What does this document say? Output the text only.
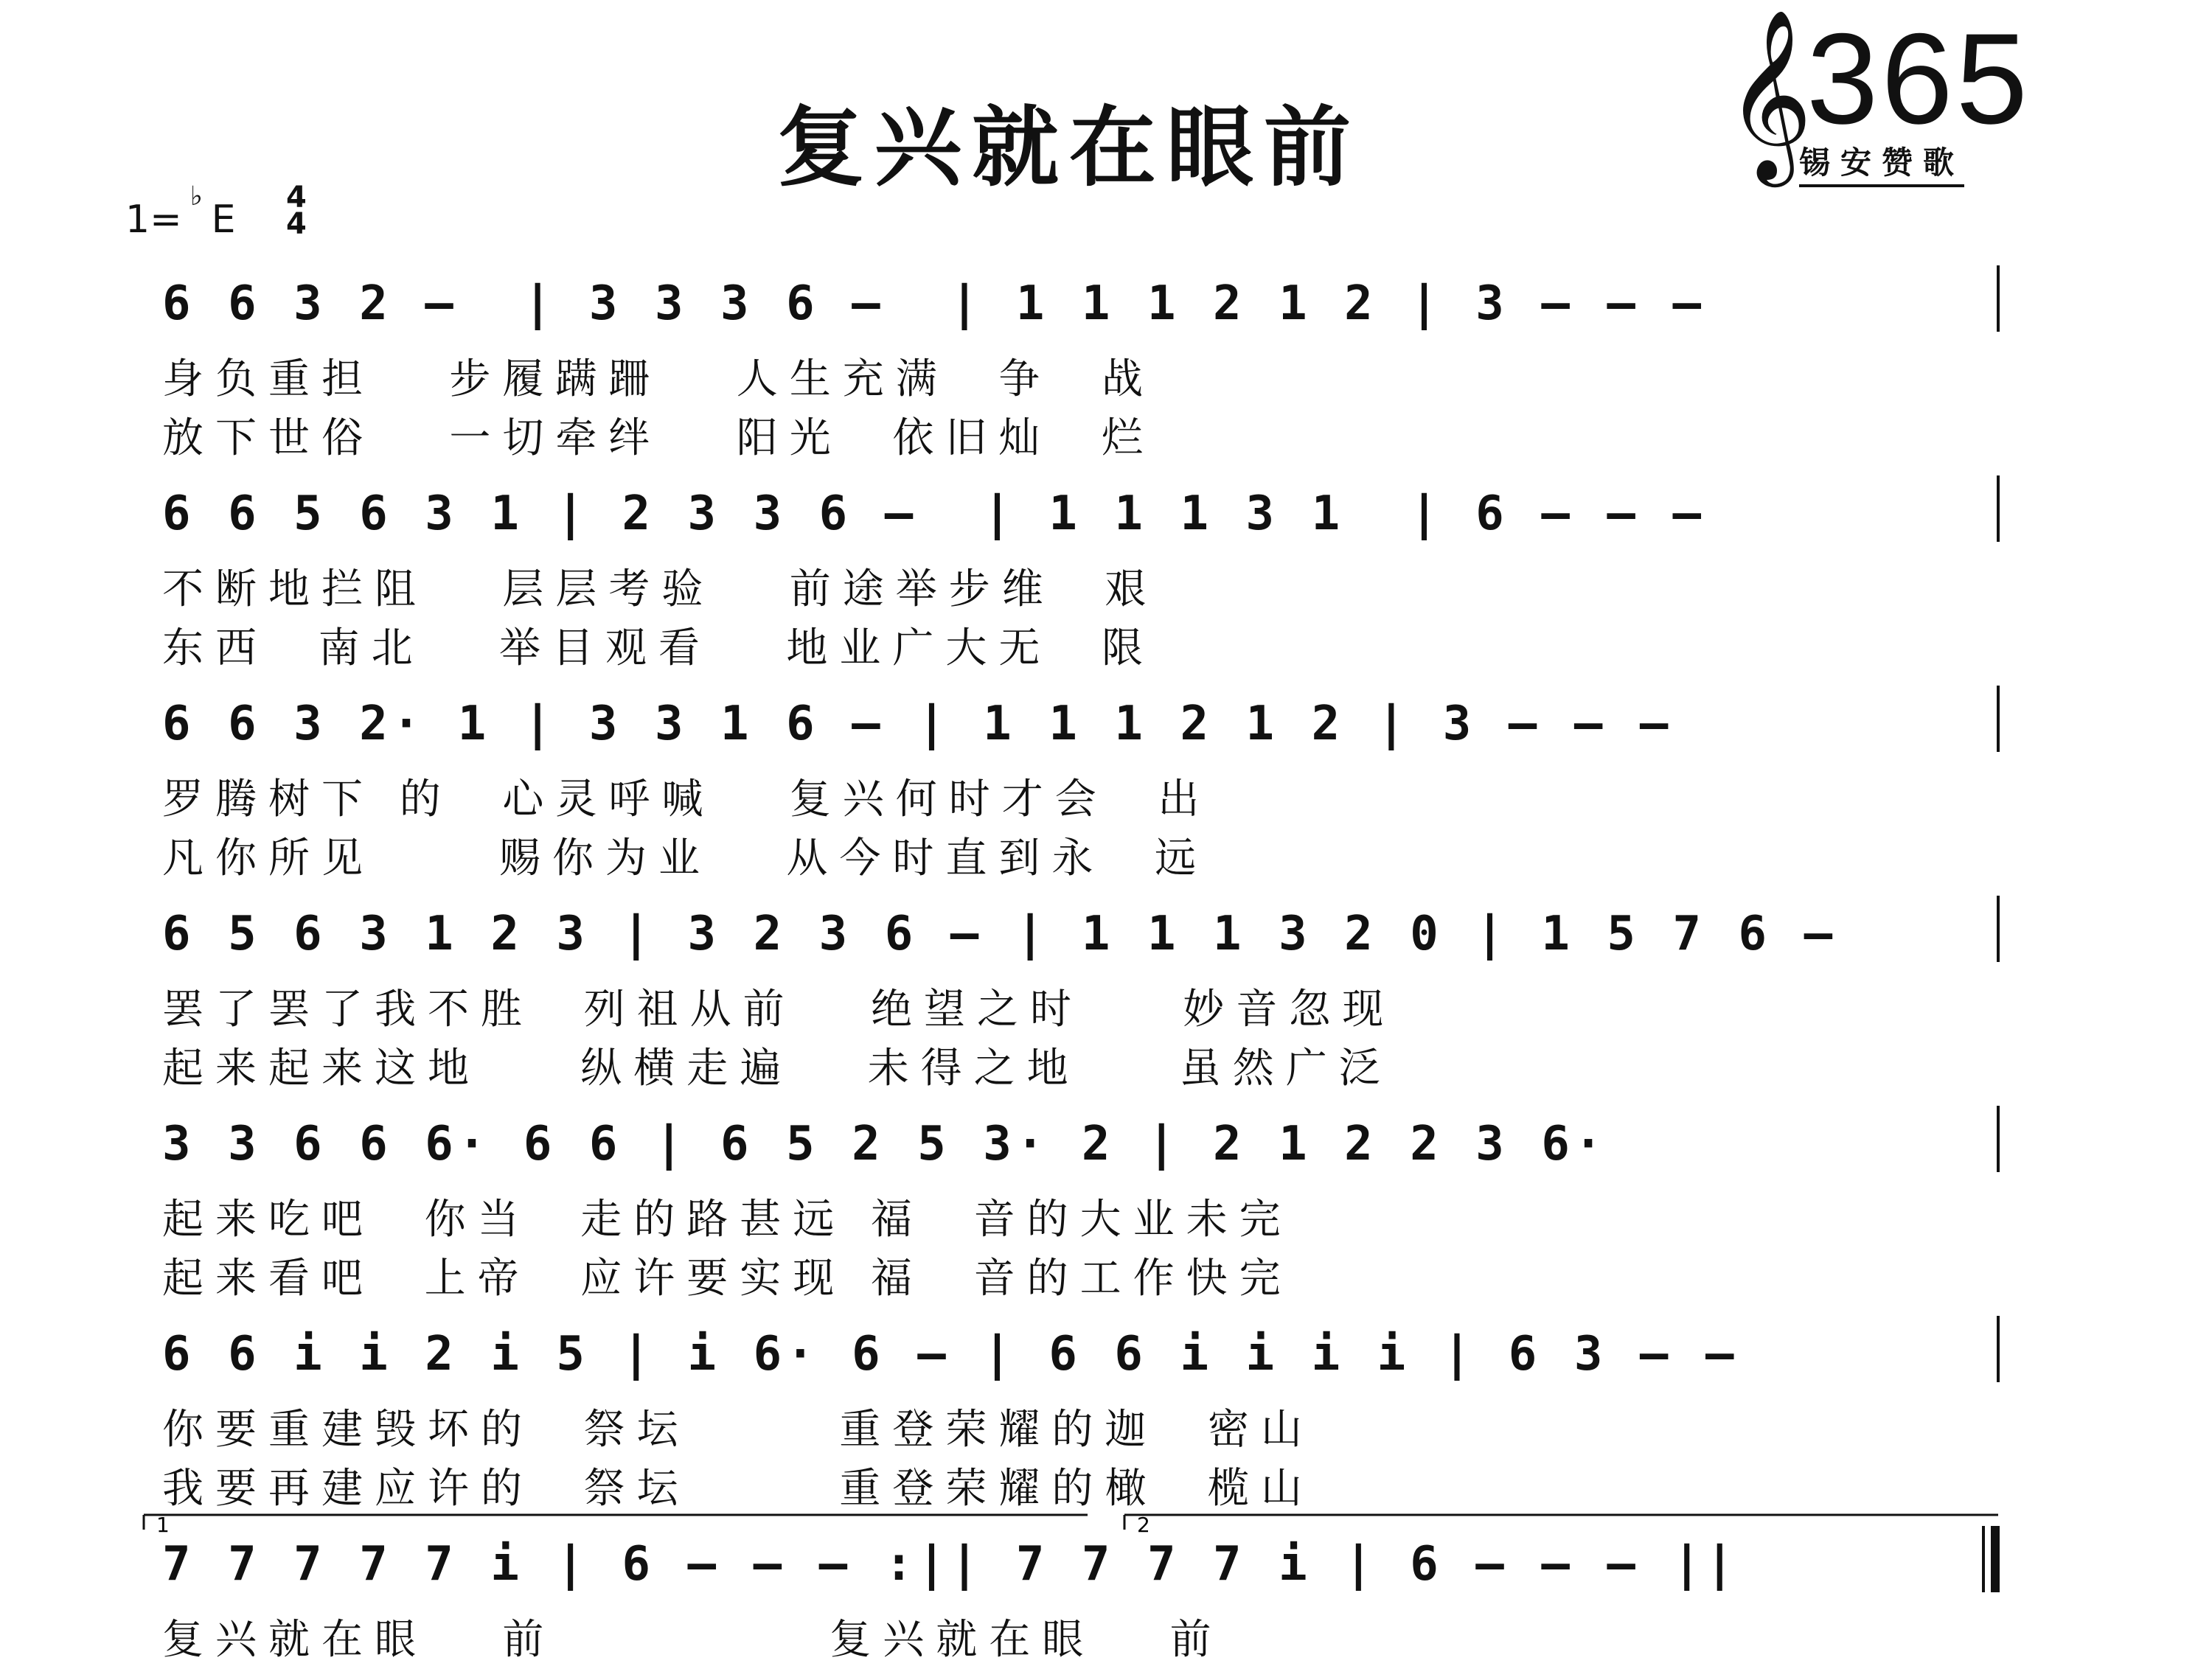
复兴就在眼前	𝄞
365
锡安赞歌
1= E
♭	4
4
6 6 3 2 —  | 3 3 3 6 —  | 1 1 1 2 1 2 | 3 — — —
身负重担   步履蹒跚   人生充满  争  战
放下世俗   一切牵绊   阳光  依旧灿  烂
6 6 5 6 3 1 | 2 3 3 6 —  | 1 1 1 3 1  | 6 — — —
不断地拦阻   层层考验   前途举步维  艰
东西  南北   举目观看   地业广大无  限
6 6 3 2· 1 | 3 3 1 6 — | 1 1 1 2 1 2 | 3 — — —
罗腾树下 的  心灵呼喊   复兴何时才会  出
凡你所见     赐你为业   从今时直到永  远
6 5 6 3 1 2 3 | 3 2 3 6 — | 1 1 1 3 2 0 | 1 5 7 6 —
罢了罢了我不胜  列祖从前   绝望之时    妙音忽现
起来起来这地    纵横走遍   未得之地    虽然广泛
3 3 6 6 6· 6 6 | 6 5 2 5 3· 2 | 2 1 2 2 3 6·
起来吃吧  你当  走的路甚远 福  音的大业未完
起来看吧  上帝  应许要实现 福  音的工作快完
6 6 i i 2 i 5 | i 6· 6 — | 6 6 i i i i | 6 3 — —
你要重建毁坏的  祭坛      重登荣耀的迦  密山
我要再建应许的  祭坛      重登荣耀的橄  榄山
7 7 7 7 7 i | 6 — — — :|| 7 7 7 7 i | 6 — — — ||
复兴就在眼   前           复兴就在眼   前
1	2
